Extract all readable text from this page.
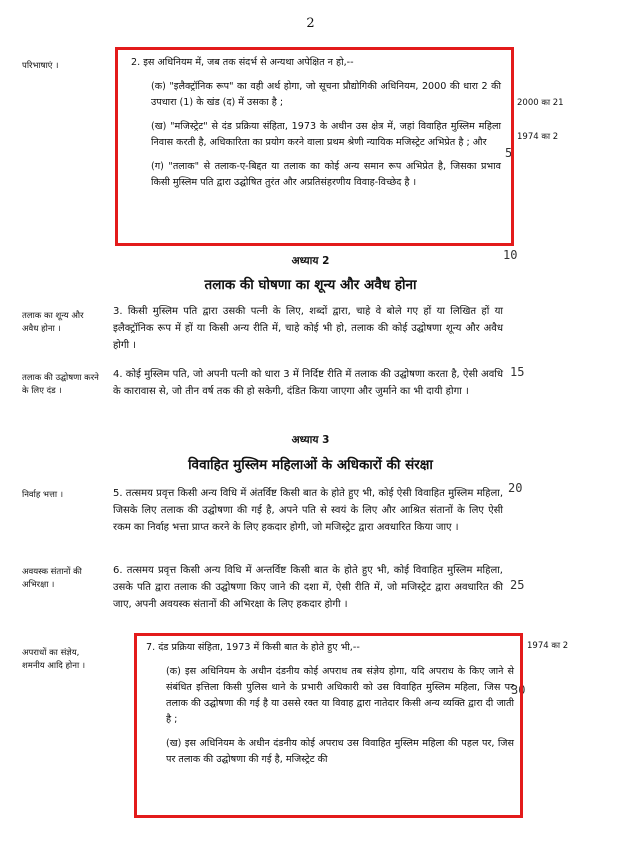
2
परिभाषाएं ।
तलाक का शून्य और अवैध होना ।
तलाक की उद्घोषणा करने के लिए दंड ।
निर्वाह भत्ता ।
अवयस्क संतानों की अभिरक्षा ।
अपराधों का संज्ञेय, शमनीय आदि होना ।
2000 का 21
1974 का 2
1974 का 2
5
10
15
20
25
30
2. इस अधिनियम में, जब तक संदर्भ से अन्यथा अपेक्षित न हो,--
(क) "इलैक्ट्रॉनिक रूप" का वही अर्थ होगा, जो सूचना प्रौद्योगिकी अधिनियम, 2000 की धारा 2 की उपधारा (1) के खंड (द) में उसका है ;
(ख) "मजिस्ट्रेट" से दंड प्रक्रिया संहिता, 1973 के अधीन उस क्षेत्र में, जहां विवाहित मुस्लिम महिला निवास करती है, अधिकारिता का प्रयोग करने वाला प्रथम श्रेणी न्यायिक मजिस्ट्रेट अभिप्रेत है ; और
(ग) "तलाक" से तलाक-ए-बिद्दत या तलाक का कोई अन्य समान रूप अभिप्रेत है, जिसका प्रभाव किसी मुस्लिम पति द्वारा उद्घोषित तुरंत और अप्रतिसंहरणीय विवाह-विच्छेद है ।
अध्याय 2
तलाक की घोषणा का शून्य और अवैध होना
3. किसी मुस्लिम पति द्वारा उसकी पत्नी के लिए, शब्दों द्वारा, चाहे वे बोले गए हों या लिखित हों या इलैक्ट्रॉनिक रूप में हों या किसी अन्य रीति में, चाहे कोई भी हो, तलाक की कोई उद्घोषणा शून्य और अवैध होगी ।
4. कोई मुस्लिम पति, जो अपनी पत्नी को धारा 3 में निर्दिष्ट रीति में तलाक की उद्घोषणा करता है, ऐसी अवधि के कारावास से, जो तीन वर्ष तक की हो सकेगी, दंडित किया जाएगा और जुर्माने का भी दायी होगा ।
अध्याय 3
विवाहित मुस्लिम महिलाओं के अधिकारों की संरक्षा
5. तत्समय प्रवृत्त किसी अन्य विधि में अंतर्विष्ट किसी बात के होते हुए भी, कोई ऐसी विवाहित मुस्लिम महिला, जिसके लिए तलाक की उद्घोषणा की गई है, अपने पति से स्वयं के लिए और आश्रित संतानों के लिए ऐसी रकम का निर्वाह भत्ता प्राप्त करने के लिए हकदार होगी, जो मजिस्ट्रेट द्वारा अवधारित किया जाए ।
6. तत्समय प्रवृत्त किसी अन्य विधि में अन्तर्विष्ट किसी बात के होते हुए भी, कोई विवाहित मुस्लिम महिला, उसके पति द्वारा तलाक की उद्घोषणा किए जाने की दशा में, ऐसी रीति में, जो मजिस्ट्रेट द्वारा अवधारित की जाए, अपनी अवयस्क संतानों की अभिरक्षा के लिए हकदार होगी ।
7. दंड प्रक्रिया संहिता, 1973 में किसी बात के होते हुए भी,--
(क) इस अधिनियम के अधीन दंडनीय कोई अपराध तब संज्ञेय होगा, यदि अपराध के किए जाने से संबंधित इत्तिला किसी पुलिस थाने के प्रभारी अधिकारी को उस विवाहित मुस्लिम महिला, जिस पर तलाक की उद्घोषणा की गई है या उससे रक्त या विवाह द्वारा नातेदार किसी अन्य व्यक्ति द्वारा दी जाती है ;
(ख) इस अधिनियम के अधीन दंडनीय कोई अपराध उस विवाहित मुस्लिम महिला की पहल पर, जिस पर तलाक की उद्घोषणा की गई है, मजिस्ट्रेट की
